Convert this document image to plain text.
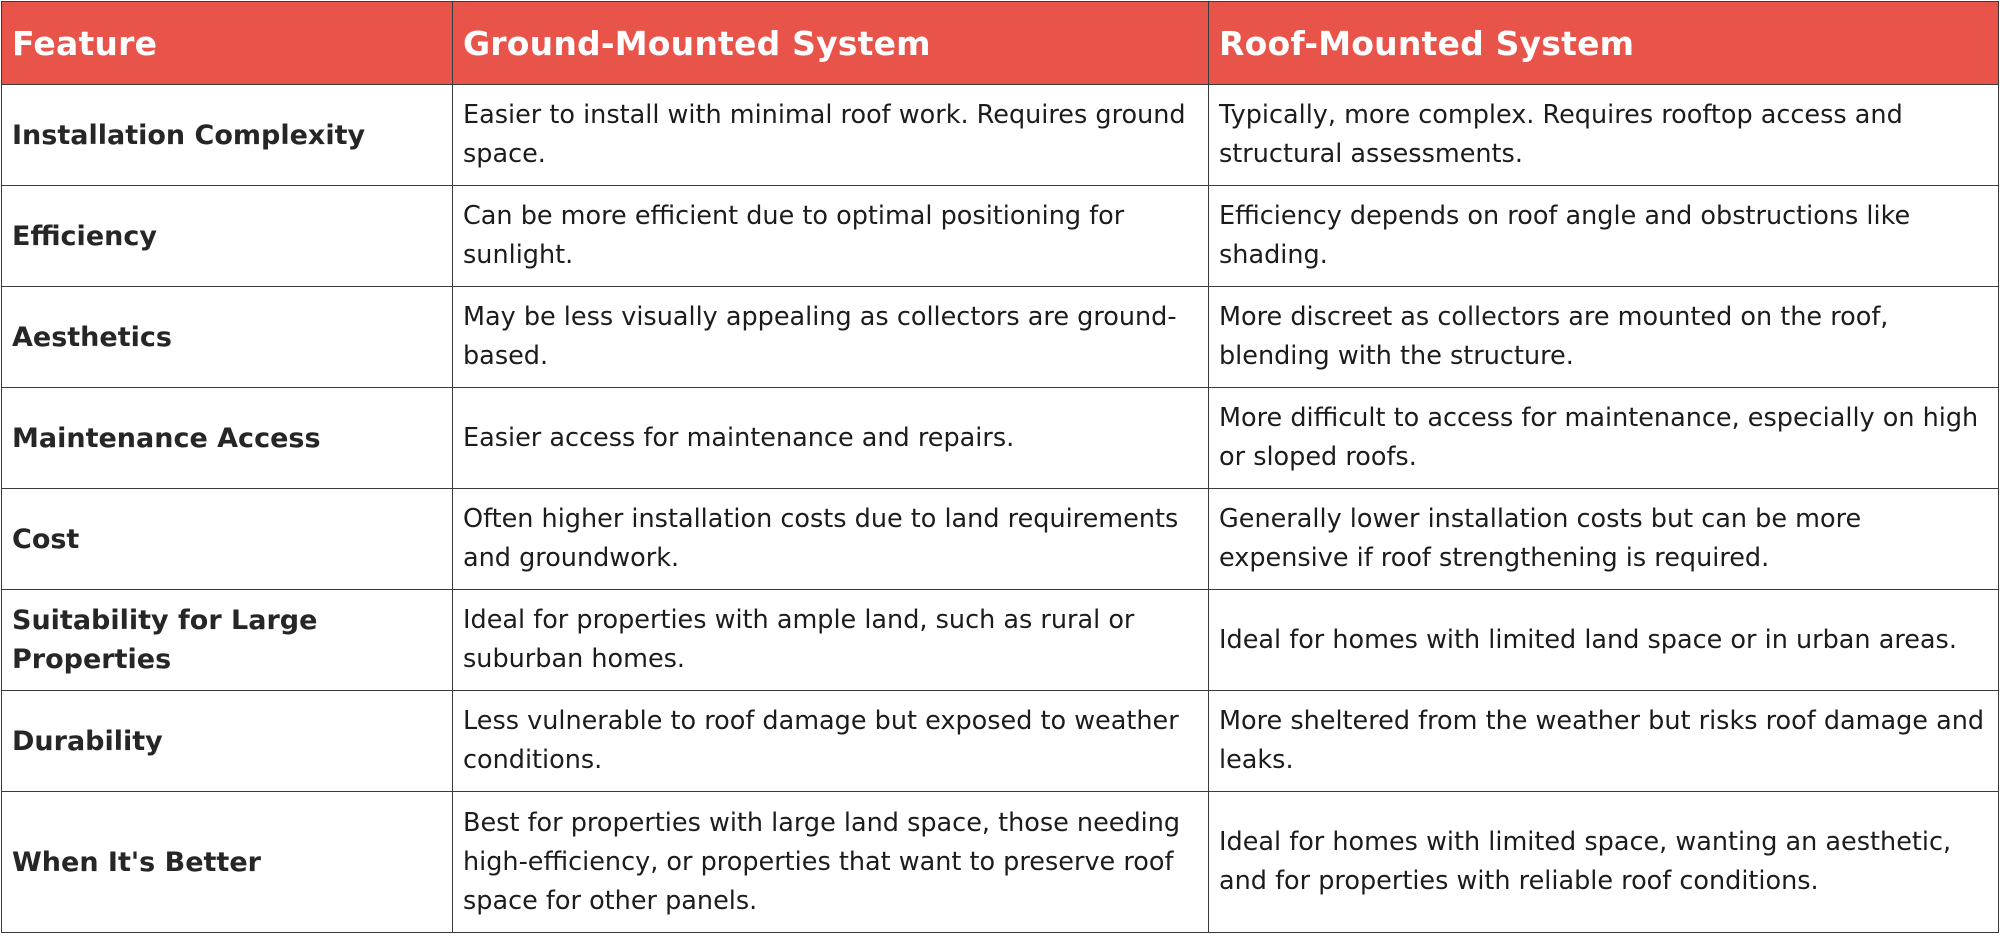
Feature	Ground-Mounted System	Roof-Mounted System
Installation Complexity	Easier to install with minimal roof work. Requires ground space.	Typically, more complex. Requires rooftop access and structural assessments.
Efficiency	Can be more efficient due to optimal positioning for sunlight.	Efficiency depends on roof angle and obstructions like shading.
Aesthetics	May be less visually appealing as collectors are ground-based.	More discreet as collectors are mounted on the roof, blending with the structure.
Maintenance Access	Easier access for maintenance and repairs.	More difficult to access for maintenance, especially on high or sloped roofs.
Cost	Often higher installation costs due to land requirements and groundwork.	Generally lower installation costs but can be more expensive if roof strengthening is required.
Suitability for Large Properties	Ideal for properties with ample land, such as rural or suburban homes.	Ideal for homes with limited land space or in urban areas.
Durability	Less vulnerable to roof damage but exposed to weather conditions.	More sheltered from the weather but risks roof damage and leaks.
When It's Better	Best for properties with large land space, those needing high-efficiency, or properties that want to preserve roof space for other panels.	Ideal for homes with limited space, wanting an aesthetic, and for properties with reliable roof conditions.
